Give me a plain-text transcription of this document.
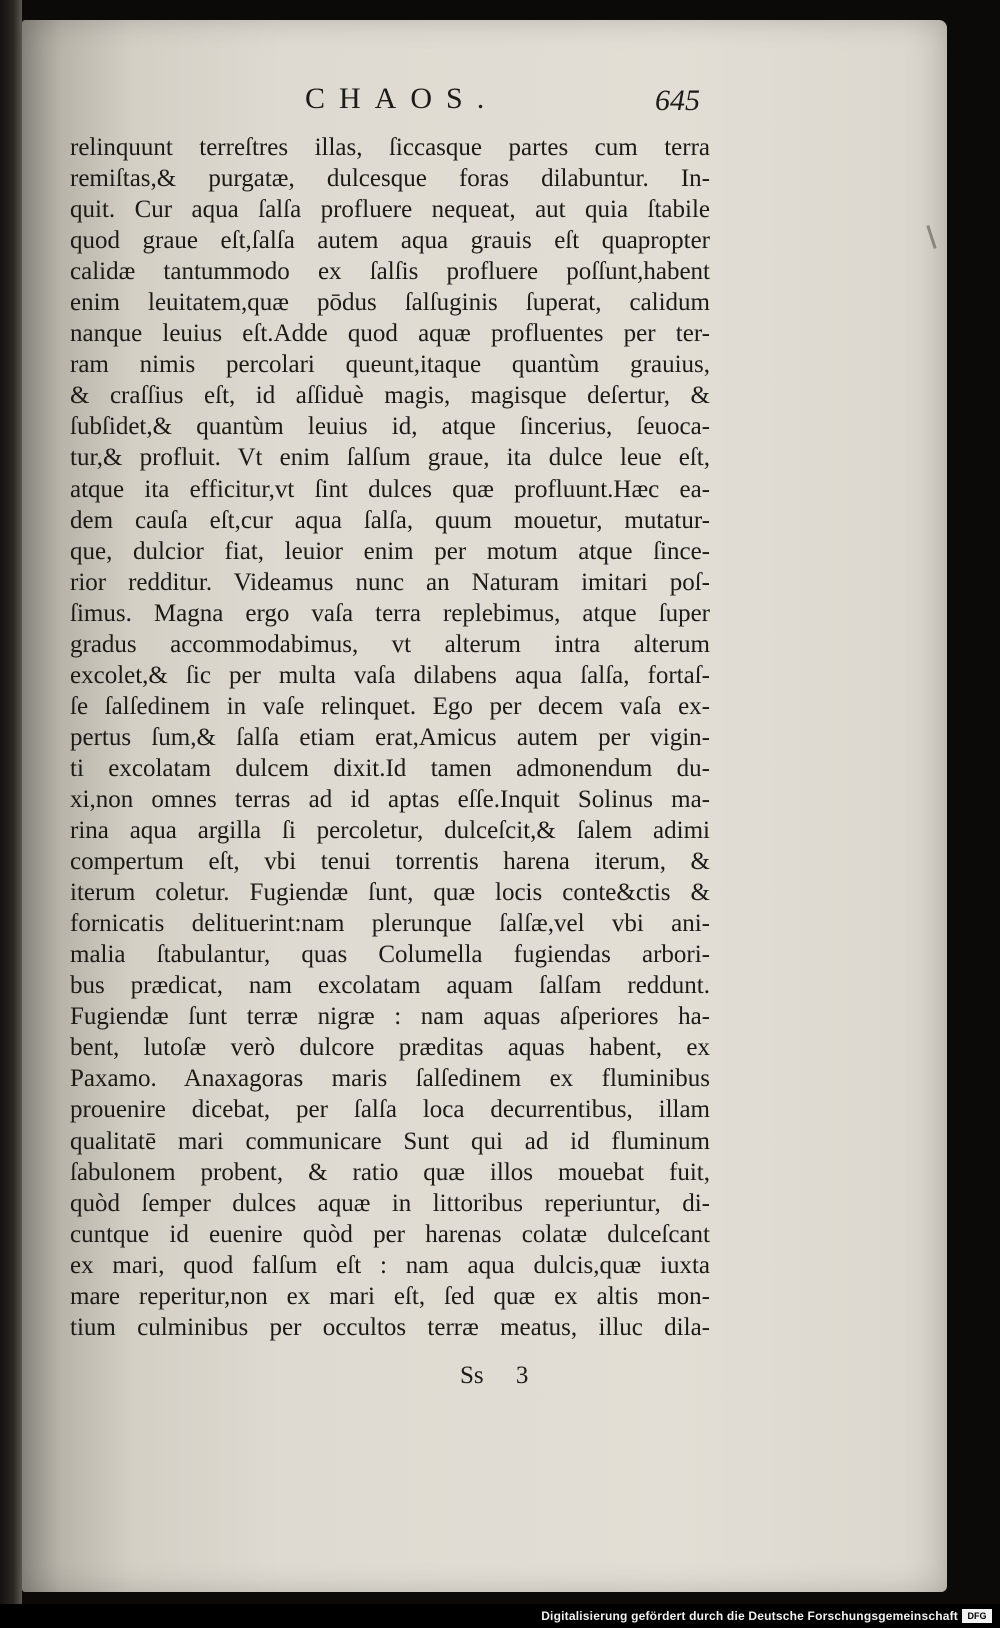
CHAOS.	645
relinquunt terreſtres illas, ſiccasque partes cum terra
remiſtas,& purgatæ, dulcesque foras dilabuntur. In-
quit. Cur aqua ſalſa profluere nequeat, aut quia ſtabile
quod graue eſt,ſalſa autem aqua grauis eſt quapropter
calidæ tantummodo ex ſalſis profluere poſſunt,habent
enim leuitatem,quæ pōdus ſalſuginis ſuperat, calidum
nanque leuius eſt.Adde quod aquæ profluentes per ter-
ram nimis percolari queunt,itaque quantùm grauius,
& craſſius eſt, id aſſiduè magis, magisque deſertur, &
ſubſidet,& quantùm leuius id, atque ſincerius, ſeuoca-
tur,& profluit. Vt enim ſalſum graue, ita dulce leue eſt,
atque ita efficitur,vt ſint dulces quæ profluunt.Hæc ea-
dem cauſa eſt,cur aqua ſalſa, quum mouetur, mutatur-
que, dulcior fiat, leuior enim per motum atque ſince-
rior redditur. Videamus nunc an Naturam imitari poſ-
ſimus. Magna ergo vaſa terra replebimus, atque ſuper
gradus accommodabimus, vt alterum intra alterum
excolet,& ſic per multa vaſa dilabens aqua ſalſa, fortaſ-
ſe ſalſedinem in vaſe relinquet. Ego per decem vaſa ex-
pertus ſum,& ſalſa etiam erat,Amicus autem per vigin-
ti excolatam dulcem dixit.Id tamen admonendum du-
xi,non omnes terras ad id aptas eſſe.Inquit Solinus ma-
rina aqua argilla ſi percoletur, dulceſcit,& ſalem adimi
compertum eſt, vbi tenui torrentis harena iterum, &
iterum coletur. Fugiendæ ſunt, quæ locis conte&ctis &
fornicatis delituerint:nam plerunque ſalſæ,vel vbi ani-
malia ſtabulantur, quas Columella fugiendas arbori-
bus prædicat, nam excolatam aquam ſalſam reddunt.
Fugiendæ ſunt terræ nigræ : nam aquas aſperiores ha-
bent, lutoſæ verò dulcore præditas aquas habent, ex
Paxamo. Anaxagoras maris ſalſedinem ex fluminibus
prouenire dicebat, per ſalſa loca decurrentibus, illam
qualitatē mari communicare Sunt qui ad id fluminum
ſabulonem probent, & ratio quæ illos mouebat fuit,
quòd ſemper dulces aquæ in littoribus reperiuntur, di-
cuntque id euenire quòd per harenas colatæ dulceſcant
ex mari, quod falſum eſt : nam aqua dulcis,quæ iuxta
mare reperitur,non ex mari eſt, ſed quæ ex altis mon-
tium culminibus per occultos terræ meatus, illuc dila-
Ss 3
Digitalisierung gefördert durch die Deutsche Forschungsgemeinschaft	DFG
